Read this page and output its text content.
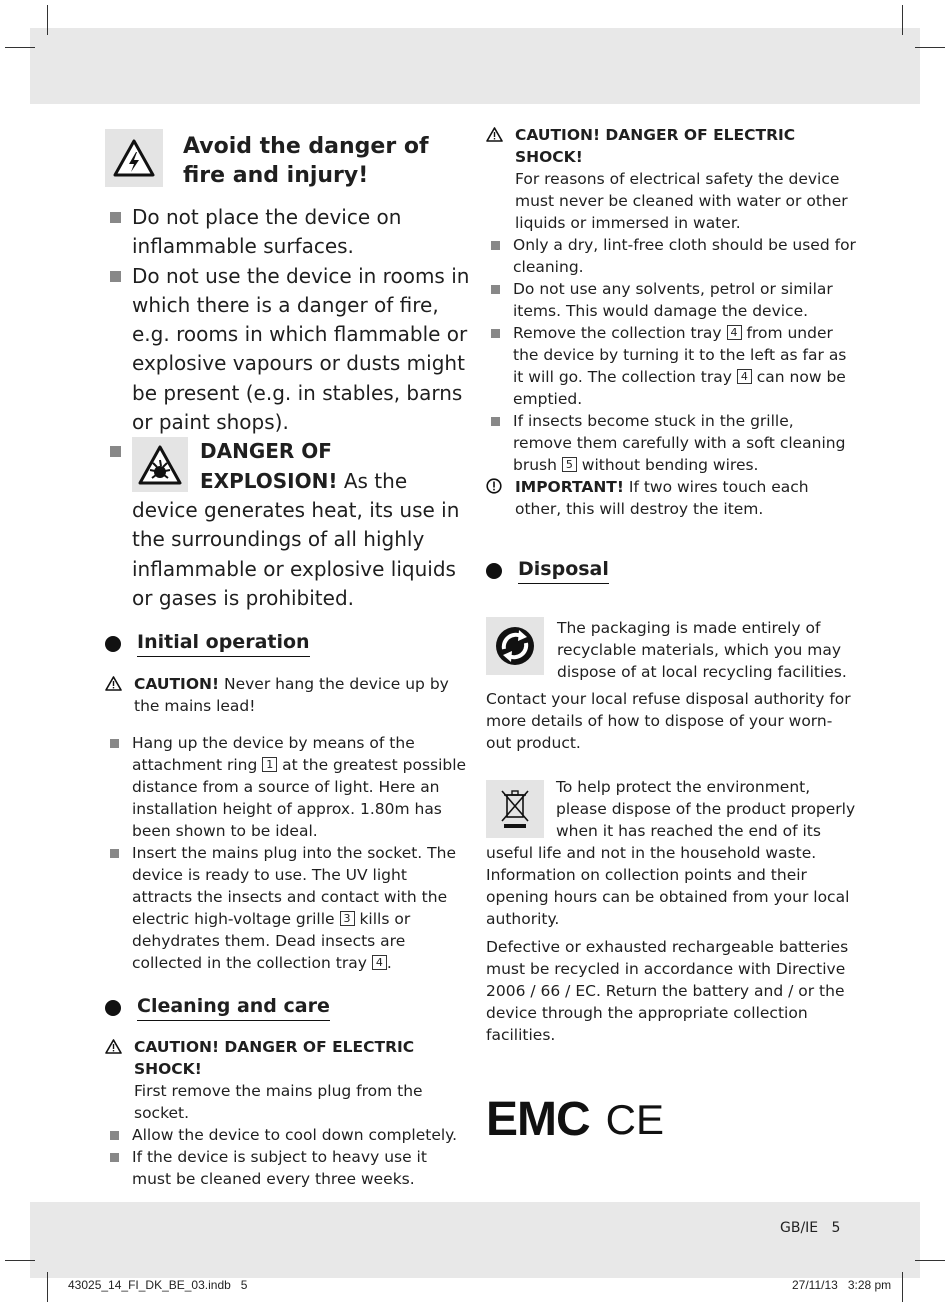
Avoid the danger of
fire and injury!
Do not place the device on inflammable surfaces.
Do not use the device in rooms in which there is a danger of fire, e.g. rooms in which flammable or explosive vapours or dusts might be present (e.g. in stables, barns or paint shops).
DANGER OF
EXPLOSION! As the
device generates heat, its use in the surroundings of all highly inflammable or explosive liquids or gases is prohibited.
Initial operation
CAUTION! Never hang the device up by the mains lead!
Hang up the device by means of the attachment ring 1 at the greatest possible distance from a source of light. Here an installation height of approx. 1.80m has been shown to be ideal.
Insert the mains plug into the socket. The device is ready to use. The UV light attracts the insects and contact with the electric high-voltage grille 3 kills or dehydrates them. Dead insects are collected in the collection tray 4 .
Cleaning and care
CAUTION! DANGER OF ELECTRIC SHOCK!
First remove the mains plug from the socket.
Allow the device to cool down completely.
If the device is subject to heavy use it must be cleaned every three weeks.
CAUTION! DANGER OF ELECTRIC SHOCK!
For reasons of electrical safety the device must never be cleaned with water or other liquids or immersed in water.
Only a dry, lint-free cloth should be used for cleaning.
Do not use any solvents, petrol or similar items. This would damage the device.
Remove the collection tray 4 from under the device by turning it to the left as far as it will go. The collection tray 4 can now be emptied.
If insects become stuck in the grille, remove them carefully with a soft cleaning brush 5 without bending wires.
IMPORTANT! If two wires touch each other, this will destroy the item.
Disposal
The packaging is made entirely of recyclable materials, which you may dispose of at local recycling facilities.
Contact your local refuse disposal authority for more details of how to dispose of your worn-out product.
To help protect the environment, please dispose of the product properly when it has reached the end of its useful life and not in the household waste. Information on collection points and their opening hours can be obtained from your local authority.
Defective or exhausted rechargeable batteries must be recycled in accordance with Directive 2006 / 66 / EC. Return the battery and / or the device through the appropriate collection facilities.
EMC CE
GB/IE   5
43025_14_FI_DK_BE_03.indb   5	27/11/13   3:28 pm
